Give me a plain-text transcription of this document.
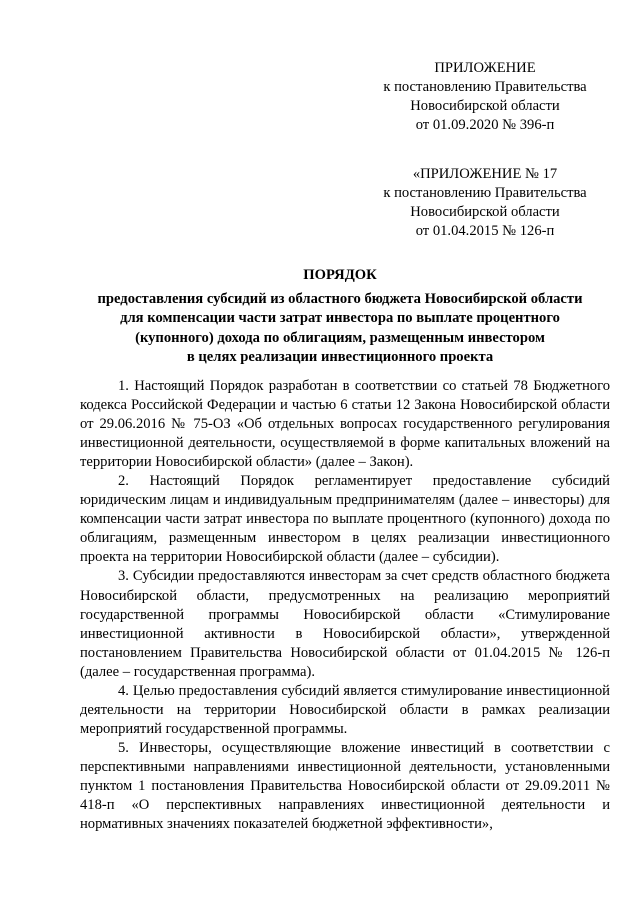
ПРИЛОЖЕНИЕ
к постановлению Правительства
Новосибирской области
от 01.09.2020 № 396-п
«ПРИЛОЖЕНИЕ № 17
к постановлению Правительства
Новосибирской области
от 01.04.2015 № 126-п
ПОРЯДОК
предоставления субсидий из областного бюджета Новосибирской области
для компенсации части затрат инвестора по выплате процентного
(купонного) дохода по облигациям, размещенным инвестором
в целях реализации инвестиционного проекта

1. Настоящий Порядок разработан в соответствии со статьей 78 Бюджетного кодекса Российской Федерации и частью 6 статьи 12 Закона Новосибирской области от 29.06.2016 № 75-ОЗ «Об отдельных вопросах государственного регулирования инвестиционной деятельности, осуществляемой в форме капитальных вложений на территории Новосибирской области» (далее – Закон).

2. Настоящий Порядок регламентирует предоставление субсидий юридическим лицам и индивидуальным предпринимателям (далее – инвесторы) для компенсации части затрат инвестора по выплате процентного (купонного) дохода по облигациям, размещенным инвестором в целях реализации инвестиционного проекта на территории Новосибирской области (далее – субсидии).

3. Субсидии предоставляются инвесторам за счет средств областного бюджета Новосибирской области, предусмотренных на реализацию мероприятий государственной программы Новосибирской области «Стимулирование инвестиционной активности в Новосибирской области», утвержденной постановлением Правительства Новосибирской области от 01.04.2015 № 126-п (далее – государственная программа).

4. Целью предоставления субсидий является стимулирование инвестиционной деятельности на территории Новосибирской области в рамках реализации мероприятий государственной программы.

5. Инвесторы, осуществляющие вложение инвестиций в соответствии с перспективными направлениями инвестиционной деятельности, установленными пунктом 1 постановления Правительства Новосибирской области от 29.09.2011 № 418-п «О перспективных направлениях инвестиционной деятельности и нормативных значениях показателей бюджетной эффективности»,
